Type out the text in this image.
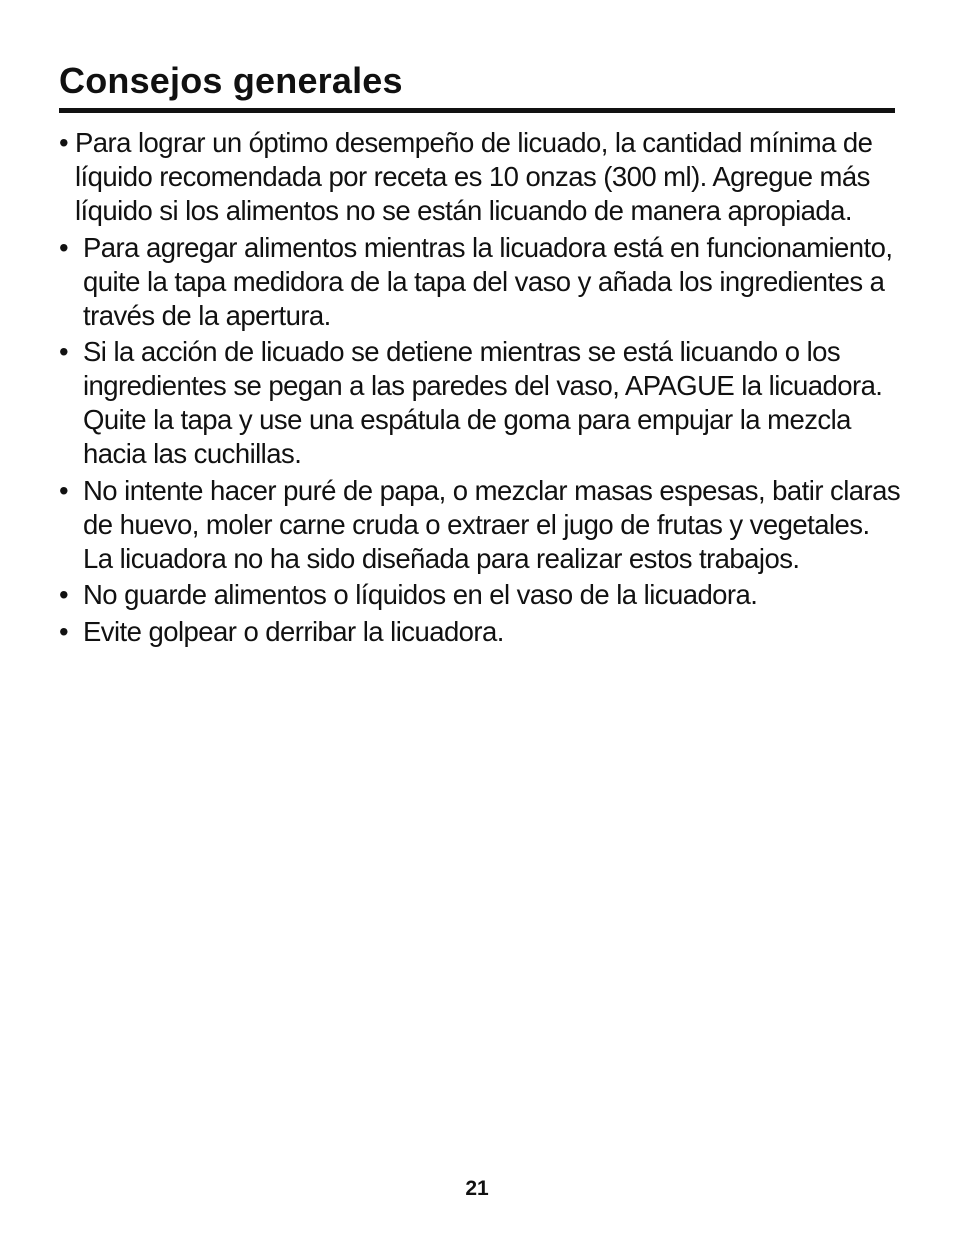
Consejos generales
• Para lograr un óptimo desempeño de licuado, la cantidad mínima de líquido recomendada por receta es 10 onzas (300 ml). Agregue más líquido si los alimentos no se están licuando de manera apropiada.
• Para agregar alimentos mientras la licuadora está en funcionamiento, quite la tapa medidora de la tapa del vaso y añada los ingredientes a través de la apertura.
• Si la acción de licuado se detiene mientras se está licuando o los ingredientes se pegan a las paredes del vaso, APAGUE la licuadora. Quite la tapa y use una espátula de goma para empujar la mezcla hacia las cuchillas.
• No intente hacer puré de papa, o mezclar masas espesas, batir claras de huevo, moler carne cruda o extraer el jugo de frutas y vegetales. La licuadora no ha sido diseñada para realizar estos trabajos.
• No guarde alimentos o líquidos en el vaso de la licuadora.
• Evite golpear o derribar la licuadora.
21
